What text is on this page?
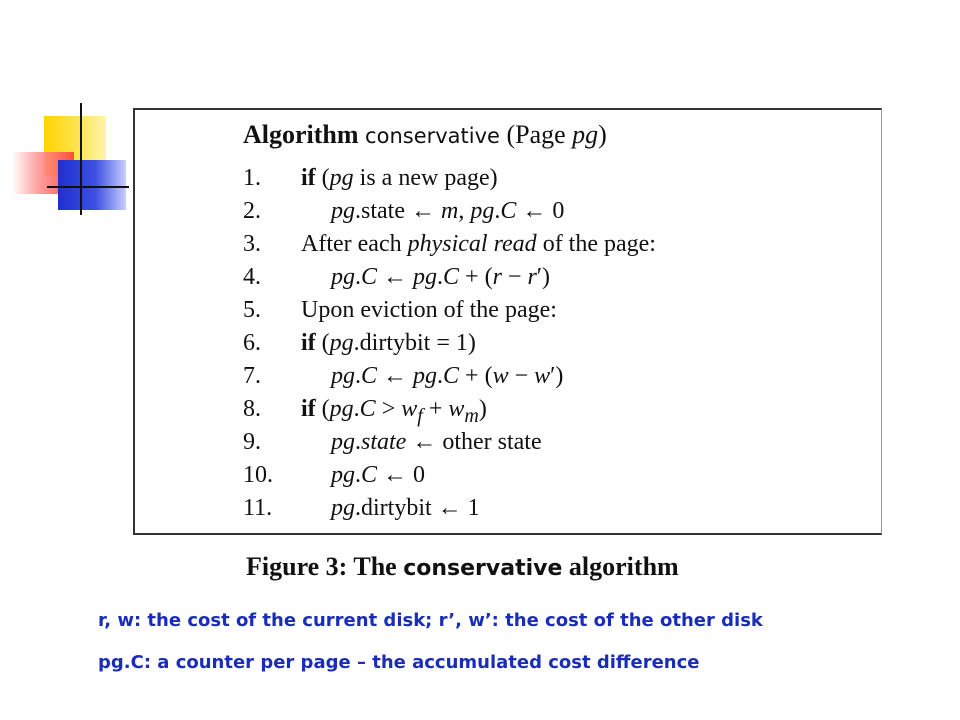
Algorithm conservative (Page pg)
1. if (pg is a new page)
2.	pg.state ← m, pg.C ← 0
3. After each physical read of the page:
4.	pg.C ← pg.C + (r − r′)
5. Upon eviction of the page:
6. if (pg.dirtybit = 1)
7.	pg.C ← pg.C + (w − w′)
8. if $(pg.C > w_f + w_m)$
9.	pg.state ← other state
10. pg.C ← 0
11. pg.dirtybit ← 1
Figure 3: The conservative algorithm
r, w: the cost of the current disk; r’, w’: the cost of the other disk
pg.C: a counter per page – the accumulated cost difference
